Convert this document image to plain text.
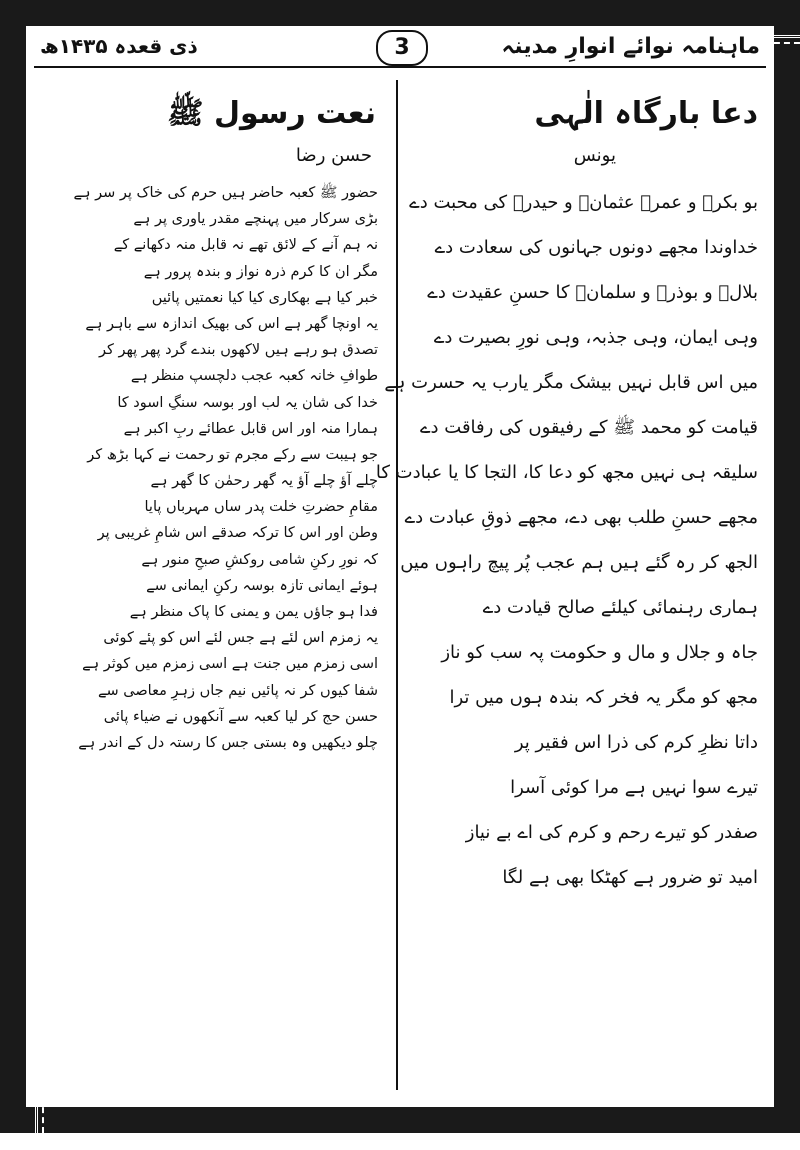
ماہنامہ نوائے انوارِ مدینہ
3
ذی قعدہ ۱۴۳۵ھ
دعا بارگاہ الٰہی

یونس

بو بکرؓ و عمرؓ عثمانؓ و حیدرؓ کی محبت دے
خداوندا مجھے دونوں جہانوں کی سعادت دے
بلالؓ و بوذرؓ و سلمانؓ کا حسنِ عقیدت دے
وہی ایمان، وہی جذبہ، وہی نورِ بصیرت دے
میں اس قابل نہیں بیشک مگر یارب یہ حسرت ہے
قیامت کو محمد ﷺ کے رفیقوں کی رفاقت دے
سلیقہ ہی نہیں مجھ کو دعا کا، التجا کا یا عبادت کا
مجھے حسنِ طلب بھی دے، مجھے ذوقِ عبادت دے
الجھ کر رہ گئے ہیں ہم عجب پُر پیچ راہوں میں
ہماری رہنمائی کیلئے صالح قیادت دے
جاہ و جلال و مال و حکومت پہ سب کو ناز
مجھ کو مگر یہ فخر کہ بندہ ہوں میں ترا
داتا نظرِ کرم کی ذرا اس فقیر پر
تیرے سوا نہیں ہے مرا کوئی آسرا
صفدر کو تیرے رحم و کرم کی اے بے نیاز
امید تو ضرور ہے کھٹکا بھی ہے لگا
نعت رسول ﷺ

حسن رضا

حضور ﷺ کعبہ حاضر ہیں حرم کی خاک پر سر ہے
بڑی سرکار میں پہنچے مقدر یاوری پر ہے
نہ ہم آنے کے لائق تھے نہ قابل منہ دکھانے کے
مگر ان کا کرم ذرہ نواز و بندہ پرور ہے
خبر کیا ہے بھکاری کیا کیا نعمتیں پائیں
یہ اونچا گھر ہے اس کی بھیک اندازہ سے باہر ہے
تصدق ہو رہے ہیں لاکھوں بندے گرد پھر پھر کر
طوافِ خانہ کعبہ عجب دلچسپ منظر ہے
خدا کی شان یہ لب اور بوسہ سنگِ اسود کا
ہمارا منہ اور اس قابل عطائے ربِ اکبر ہے
جو ہیبت سے رکے مجرم تو رحمت نے کہا بڑھ کر
چلے آؤ چلے آؤ یہ گھر رحمٰن کا گھر ہے
مقامِ حضرتِ خلت پدر ساں مہرباں پایا
وطن اور اس کا ترکہ صدقے اس شامِ غریبی پر
کہ نورِ رکنِ شامی روکشِ صبحِ منور ہے
ہوئے ایمانی تازہ بوسہ رکنِ ایمانی سے
فدا ہو جاؤں یمن و یمنی کا پاک منظر ہے
یہ زمزم اس لئے ہے جس لئے اس کو پئے کوئی
اسی زمزم میں جنت ہے اسی زمزم میں کوثر ہے
شفا کیوں کر نہ پائیں نیم جاں زہرِ معاصی سے
حسن حج کر لیا کعبہ سے آنکھوں نے ضیاء پائی
چلو دیکھیں وہ بستی جس کا رستہ دل کے اندر ہے
